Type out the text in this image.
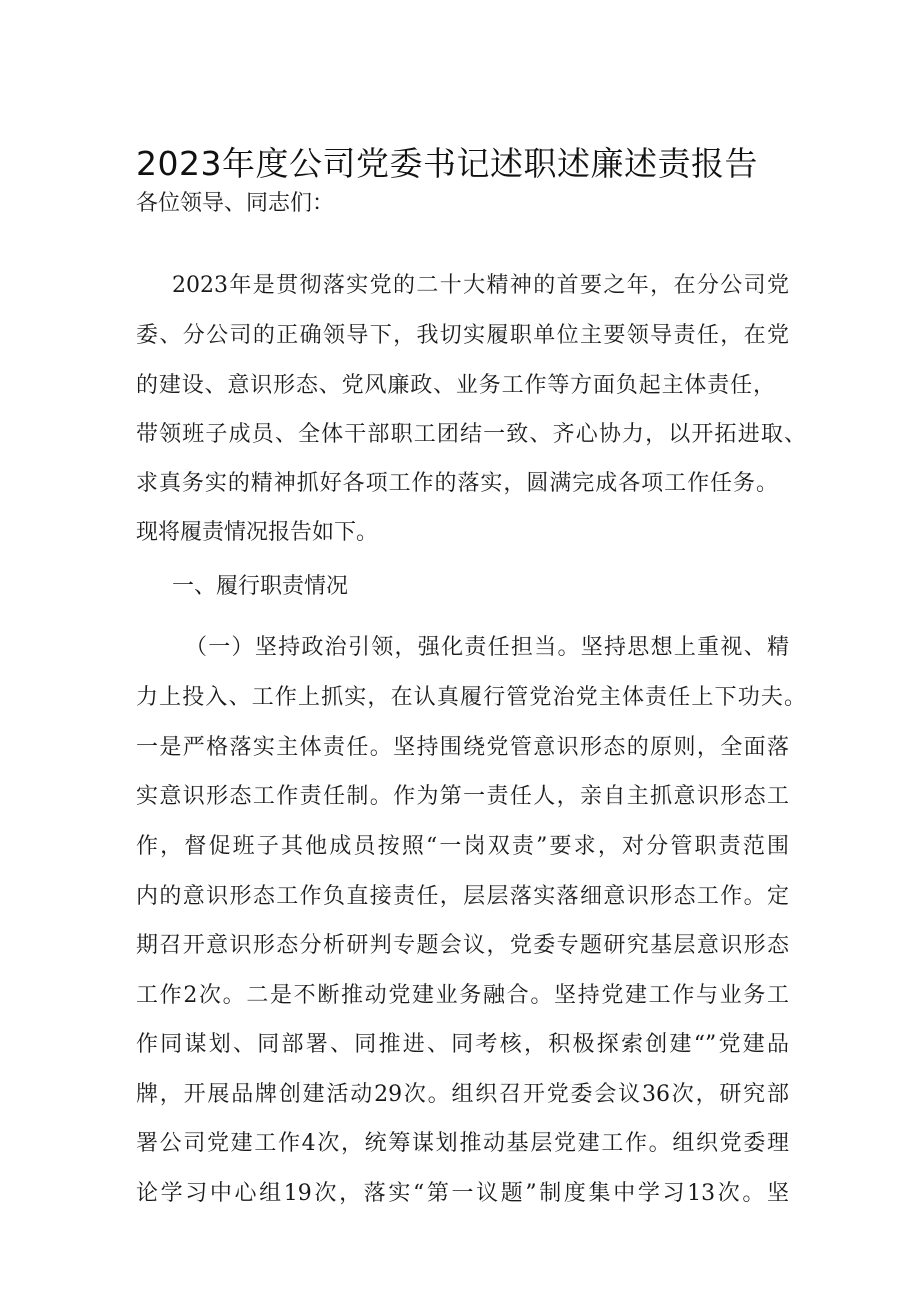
2023年度公司党委书记述职述廉述责报告
各位领导、同志们：
2023年是贯彻落实党的二十大精神的首要之年，在分公司党
委、分公司的正确领导下，我切实履职单位主要领导责任，在党
的建设、意识形态、党风廉政、业务工作等方面负起主体责任，
带领班子成员、全体干部职工团结一致、齐心协力，以开拓进取、
求真务实的精神抓好各项工作的落实，圆满完成各项工作任务。
现将履责情况报告如下。
一、履行职责情况
（一）坚持政治引领，强化责任担当。坚持思想上重视、精
力上投入、工作上抓实，在认真履行管党治党主体责任上下功夫。
一是严格落实主体责任。坚持围绕党管意识形态的原则，全面落
实意识形态工作责任制。作为第一责任人，亲自主抓意识形态工
作，督促班子其他成员按照“一岗双责”要求，对分管职责范围
内的意识形态工作负直接责任，层层落实落细意识形态工作。定
期召开意识形态分析研判专题会议，党委专题研究基层意识形态
工作2次。二是不断推动党建业务融合。坚持党建工作与业务工
作同谋划、同部署、同推进、同考核，积极探索创建“”党建品
牌，开展品牌创建活动29次。组织召开党委会议36次，研究部
署公司党建工作4次，统筹谋划推动基层党建工作。组织党委理
论学习中心组19次，落实“第一议题”制度集中学习13次。坚
